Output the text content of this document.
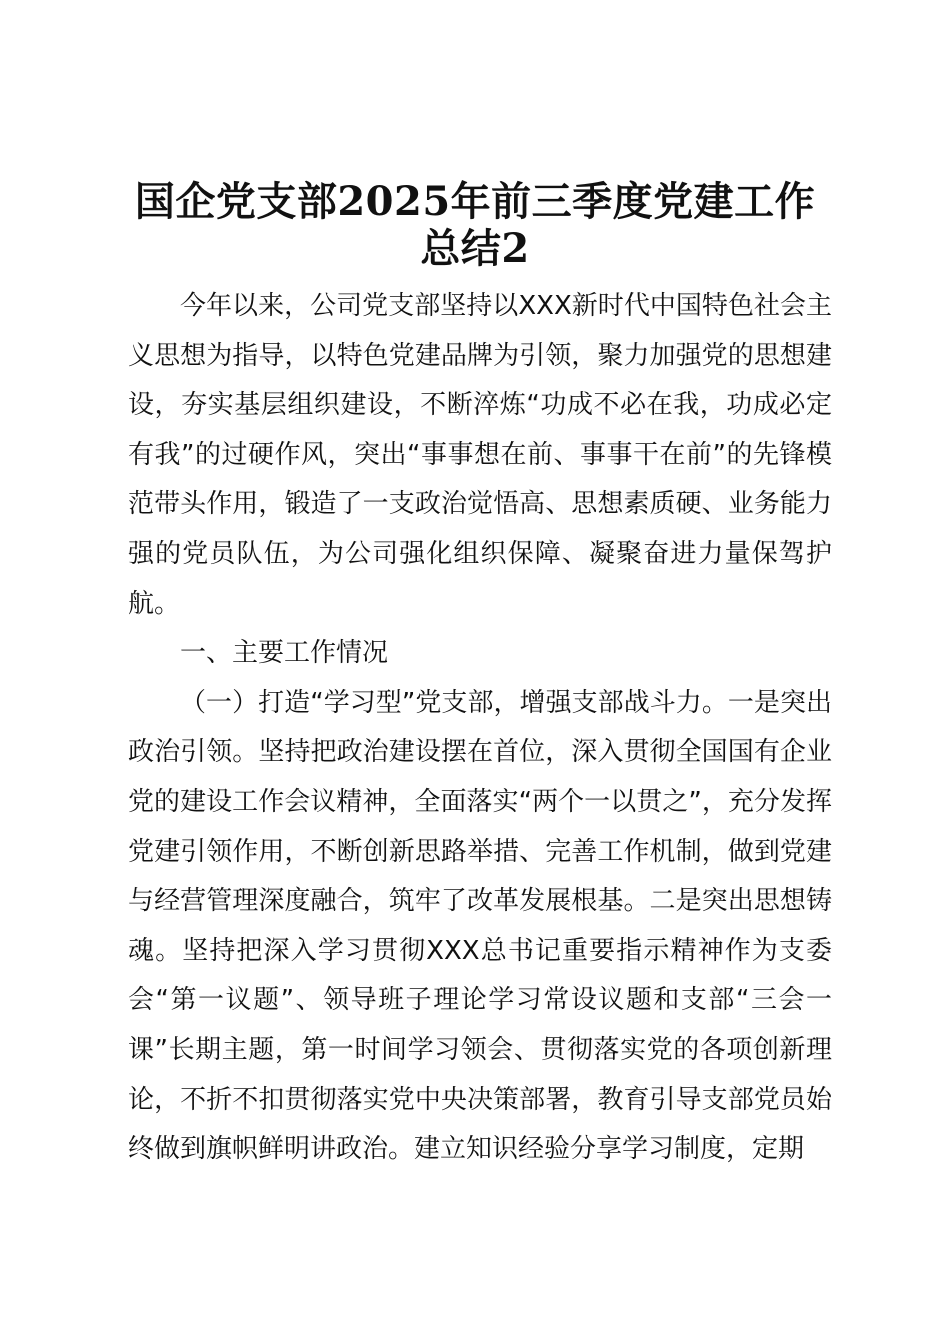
国企党支部2025年前三季度党建工作
总结2

今年以来，公司党支部坚持以XXX新时代中国特色社会主义思想为指导，以特色党建品牌为引领，聚力加强党的思想建设，夯实基层组织建设，不断淬炼“功成不必在我，功成必定有我”的过硬作风，突出“事事想在前、事事干在前”的先锋模范带头作用，锻造了一支政治觉悟高、思想素质硬、业务能力强的党员队伍，为公司强化组织保障、凝聚奋进力量保驾护航。

一、主要工作情况

（一）打造“学习型”党支部，增强支部战斗力。一是突出政治引领。坚持把政治建设摆在首位，深入贯彻全国国有企业党的建设工作会议精神，全面落实“两个一以贯之”，充分发挥党建引领作用，不断创新思路举措、完善工作机制，做到党建与经营管理深度融合，筑牢了改革发展根基。二是突出思想铸魂。坚持把深入学习贯彻XXX总书记重要指示精神作为支委会“第一议题”、领导班子理论学习常设议题和支部“三会一课”长期主题，第一时间学习领会、贯彻落实党的各项创新理论，不折不扣贯彻落实党中央决策部署，教育引导支部党员始终做到旗帜鲜明讲政治。建立知识经验分享学习制度，定期
